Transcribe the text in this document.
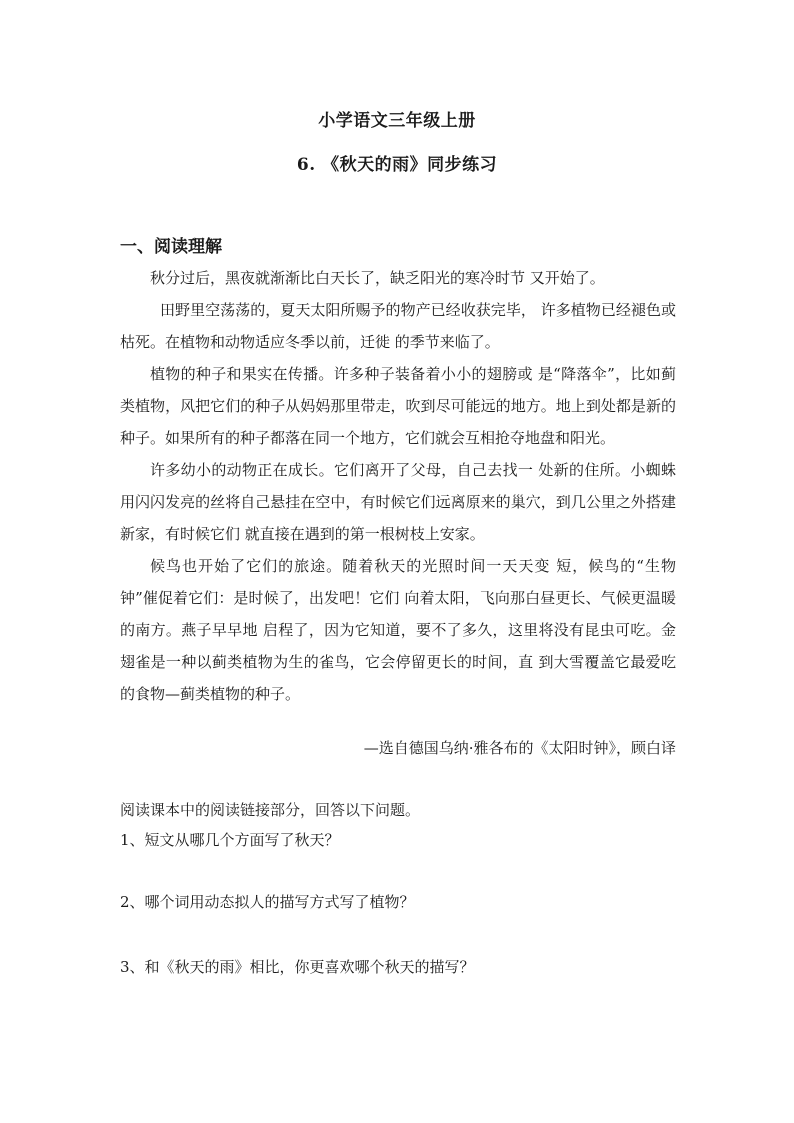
小学语文三年级上册
6. 《秋天的雨》同步练习
一、阅读理解

秋分过后，黑夜就渐渐比白天长了，缺乏阳光的寒冷时节 又开始了。

田野里空荡荡的，夏天太阳所赐予的物产已经收获完毕， 许多植物已经褪色或枯死。在植物和动物适应冬季以前，迁徙 的季节来临了。

植物的种子和果实在传播。许多种子装备着小小的翅膀或 是“降落伞”，比如蓟类植物，风把它们的种子从妈妈那里带走，吹到尽可能远的地方。地上到处都是新的种子。如果所有的种子都落在同一个地方，它们就会互相抢夺地盘和阳光。

许多幼小的动物正在成长。它们离开了父母，自己去找一 处新的住所。小蜘蛛用闪闪发亮的丝将自己悬挂在空中，有时候它们远离原来的巢穴，到几公里之外搭建新家，有时候它们 就直接在遇到的第一根树枝上安家。

候鸟也开始了它们的旅途。随着秋天的光照时间一天天变 短，候鸟的“生物钟”催促着它们：是时候了，出发吧！它们 向着太阳，飞向那白昼更长、气候更温暖的南方。燕子早早地 启程了，因为它知道，要不了多久，这里将没有昆虫可吃。金 翅雀是一种以蓟类植物为生的雀鸟，它会停留更长的时间，直 到大雪覆盖它最爱吃的食物—蓟类植物的种子。

—选自德国乌纳·雅各布的《太阳时钟》，顾白译
阅读课本中的阅读链接部分，回答以下问题。
1、短文从哪几个方面写了秋天？
2、哪个词用动态拟人的描写方式写了植物？
3、和《秋天的雨》相比，你更喜欢哪个秋天的描写？
